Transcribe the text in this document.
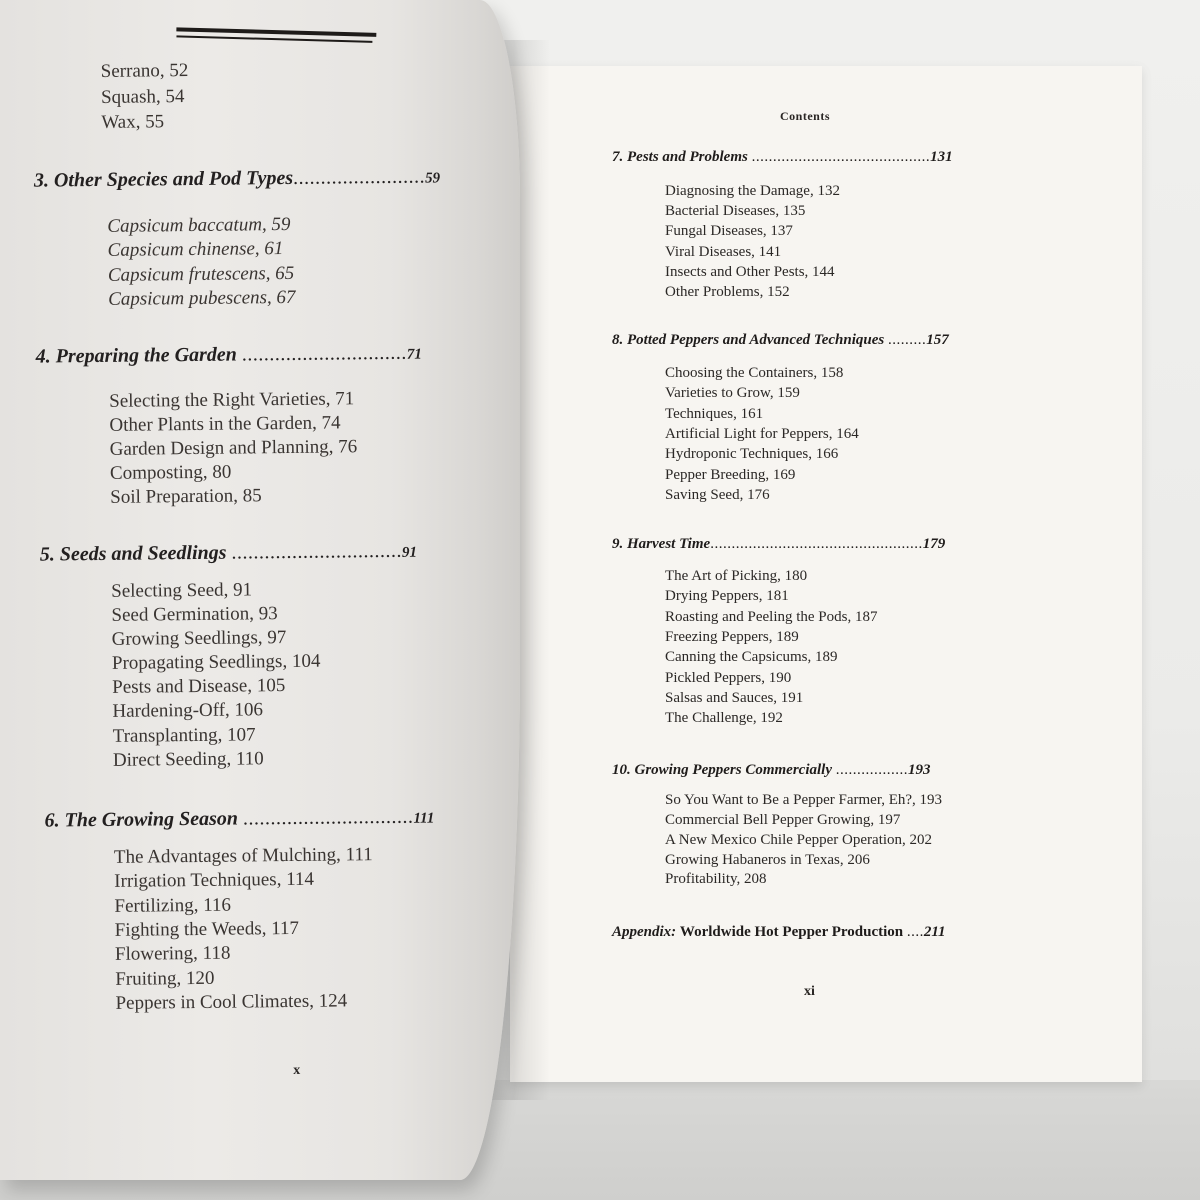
Contents
7. Pests and Problems ..........................................131
Diagnosing the Damage, 132
Bacterial Diseases, 135
Fungal Diseases, 137
Viral Diseases, 141
Insects and Other Pests, 144
Other Problems, 152
8. Potted Peppers and Advanced Techniques .........157
Choosing the Containers, 158
Varieties to Grow, 159
Techniques, 161
Artificial Light for Peppers, 164
Hydroponic Techniques, 166
Pepper Breeding, 169
Saving Seed, 176
9. Harvest Time..................................................179
The Art of Picking, 180
Drying Peppers, 181
Roasting and Peeling the Pods, 187
Freezing Peppers, 189
Canning the Capsicums, 189
Pickled Peppers, 190
Salsas and Sauces, 191
The Challenge, 192
10. Growing Peppers Commercially .................193
So You Want to Be a Pepper Farmer, Eh?, 193
Commercial Bell Pepper Growing, 197
A New Mexico Chile Pepper Operation, 202
Growing Habaneros in Texas, 206
Profitability, 208
Appendix: Worldwide Hot Pepper Production ....211
xi
Serrano, 52
Squash, 54
Wax, 55
3. Other Species and Pod Types........................59
Capsicum baccatum, 59
Capsicum chinense, 61
Capsicum frutescens, 65
Capsicum pubescens, 67
4. Preparing the Garden ..............................71
Selecting the Right Varieties, 71
Other Plants in the Garden, 74
Garden Design and Planning, 76
Composting, 80
Soil Preparation, 85
5. Seeds and Seedlings ...............................91
Selecting Seed, 91
Seed Germination, 93
Growing Seedlings, 97
Propagating Seedlings, 104
Pests and Disease, 105
Hardening-Off, 106
Transplanting, 107
Direct Seeding, 110
6. The Growing Season ...............................111
The Advantages of Mulching, 111
Irrigation Techniques, 114
Fertilizing, 116
Fighting the Weeds, 117
Flowering, 118
Fruiting, 120
Peppers in Cool Climates, 124
x
